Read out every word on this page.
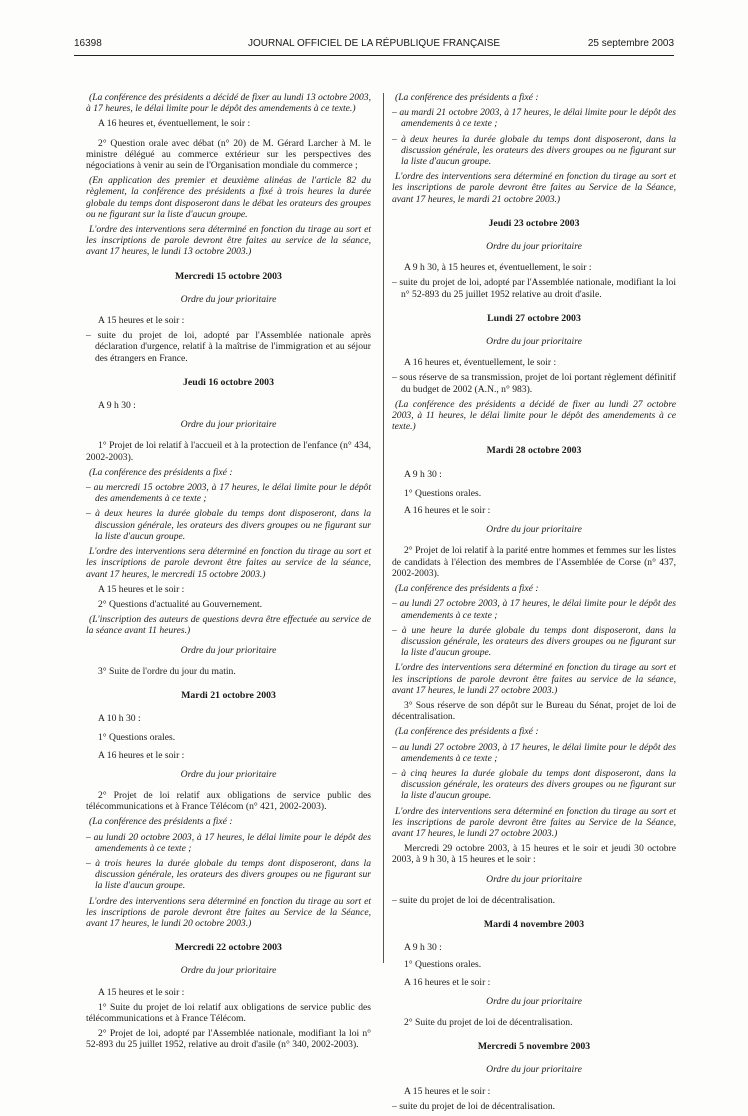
16398	JOURNAL OFFICIEL DE LA RÉPUBLIQUE FRANÇAISE	25 septembre 2003

(La conférence des présidents a décidé de fixer au lundi 13 octobre 2003, à 17 heures, le délai limite pour le dépôt des amendements à ce texte.)

A 16 heures et, éventuellement, le soir :

2° Question orale avec débat (n° 20) de M. Gérard Larcher à M. le ministre délégué au commerce extérieur sur les perspectives des négociations à venir au sein de l'Organisation mondiale du commerce ;

(En application des premier et deuxième alinéas de l'article 82 du règlement, la conférence des présidents a fixé à trois heures la durée globale du temps dont disposeront dans le débat les orateurs des groupes ou ne figurant sur la liste d'aucun groupe.

L'ordre des interventions sera déterminé en fonction du tirage au sort et les inscriptions de parole devront être faites au service de la séance, avant 17 heures, le lundi 13 octobre 2003.)

Mercredi 15 octobre 2003

Ordre du jour prioritaire

A 15 heures et le soir :

– suite du projet de loi, adopté par l'Assemblée nationale après déclaration d'urgence, relatif à la maîtrise de l'immigration et au séjour des étrangers en France.

Jeudi 16 octobre 2003

A 9 h 30 :

Ordre du jour prioritaire

1° Projet de loi relatif à l'accueil et à la protection de l'enfance (n° 434, 2002-2003).

(La conférence des présidents a fixé :

– au mercredi 15 octobre 2003, à 17 heures, le délai limite pour le dépôt des amendements à ce texte ;

– à deux heures la durée globale du temps dont disposeront, dans la discussion générale, les orateurs des divers groupes ou ne figurant sur la liste d'aucun groupe.

L'ordre des interventions sera déterminé en fonction du tirage au sort et les inscriptions de parole devront être faites au service de la séance, avant 17 heures, le mercredi 15 octobre 2003.)

A 15 heures et le soir :

2° Questions d'actualité au Gouvernement.

(L'inscription des auteurs de questions devra être effectuée au service de la séance avant 11 heures.)

Ordre du jour prioritaire

3° Suite de l'ordre du jour du matin.

Mardi 21 octobre 2003

A 10 h 30 :

1° Questions orales.

A 16 heures et le soir :

Ordre du jour prioritaire

2° Projet de loi relatif aux obligations de service public des télécommunications et à France Télécom (n° 421, 2002-2003).

(La conférence des présidents a fixé :

– au lundi 20 octobre 2003, à 17 heures, le délai limite pour le dépôt des amendements à ce texte ;

– à trois heures la durée globale du temps dont disposeront, dans la discussion générale, les orateurs des divers groupes ou ne figurant sur la liste d'aucun groupe.

L'ordre des interventions sera déterminé en fonction du tirage au sort et les inscriptions de parole devront être faites au Service de la Séance, avant 17 heures, le lundi 20 octobre 2003.)

Mercredi 22 octobre 2003

Ordre du jour prioritaire

A 15 heures et le soir :

1° Suite du projet de loi relatif aux obligations de service public des télécommunications et à France Télécom.

2° Projet de loi, adopté par l'Assemblée nationale, modifiant la loi n° 52-893 du 25 juillet 1952, relative au droit d'asile (n° 340, 2002-2003).

(La conférence des présidents a fixé :

– au mardi 21 octobre 2003, à 17 heures, le délai limite pour le dépôt des amendements à ce texte ;

– à deux heures la durée globale du temps dont disposeront, dans la discussion générale, les orateurs des divers groupes ou ne figurant sur la liste d'aucun groupe.

L'ordre des interventions sera déterminé en fonction du tirage au sort et les inscriptions de parole devront être faites au Service de la Séance, avant 17 heures, le mardi 21 octobre 2003.)

Jeudi 23 octobre 2003

Ordre du jour prioritaire

A 9 h 30, à 15 heures et, éventuellement, le soir :

– suite du projet de loi, adopté par l'Assemblée nationale, modifiant la loi n° 52-893 du 25 juillet 1952 relative au droit d'asile.

Lundi 27 octobre 2003

Ordre du jour prioritaire

A 16 heures et, éventuellement, le soir :

– sous réserve de sa transmission, projet de loi portant règlement définitif du budget de 2002 (A.N., n° 983).

(La conférence des présidents a décidé de fixer au lundi 27 octobre 2003, à 11 heures, le délai limite pour le dépôt des amendements à ce texte.)

Mardi 28 octobre 2003

A 9 h 30 :

1° Questions orales.

A 16 heures et le soir :

Ordre du jour prioritaire

2° Projet de loi relatif à la parité entre hommes et femmes sur les listes de candidats à l'élection des membres de l'Assemblée de Corse (n° 437, 2002-2003).

(La conférence des présidents a fixé :

– au lundi 27 octobre 2003, à 17 heures, le délai limite pour le dépôt des amendements à ce texte ;

– à une heure la durée globale du temps dont disposeront, dans la discussion générale, les orateurs des divers groupes ou ne figurant sur la liste d'aucun groupe.

L'ordre des interventions sera déterminé en fonction du tirage au sort et les inscriptions de parole devront être faites au service de la séance, avant 17 heures, le lundi 27 octobre 2003.)

3° Sous réserve de son dépôt sur le Bureau du Sénat, projet de loi de décentralisation.

(La conférence des présidents a fixé :

– au lundi 27 octobre 2003, à 17 heures, le délai limite pour le dépôt des amendements à ce texte ;

– à cinq heures la durée globale du temps dont disposeront, dans la discussion générale, les orateurs des divers groupes ou ne figurant sur la liste d'aucun groupe.

L'ordre des interventions sera déterminé en fonction du tirage au sort et les inscriptions de parole devront être faites au Service de la Séance, avant 17 heures, le lundi 27 octobre 2003.)

Mercredi 29 octobre 2003, à 15 heures et le soir et jeudi 30 octobre 2003, à 9 h 30, à 15 heures et le soir :

Ordre du jour prioritaire

– suite du projet de loi de décentralisation.

Mardi 4 novembre 2003

A 9 h 30 :

1° Questions orales.

A 16 heures et le soir :

Ordre du jour prioritaire

2° Suite du projet de loi de décentralisation.

Mercredi 5 novembre 2003

Ordre du jour prioritaire

A 15 heures et le soir :

– suite du projet de loi de décentralisation.
